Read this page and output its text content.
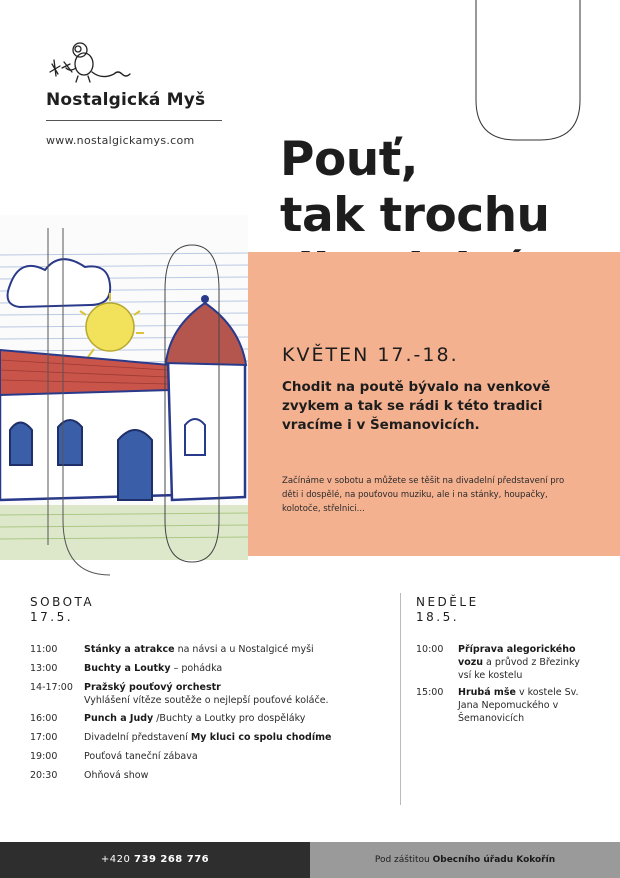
Nostalgická Myš
www.nostalgickamys.com Pouť,
tak trochu
KVĚTEN 17.-18.
Chodit na poutě bývalo na venkově zvykem a tak se rádi k této tradici vracíme i v Šemanovicích.
Začínáme v sobotu a můžete se těšit na divadelní představení pro děti i dospělé, na pouťovou muziku, ale i na stánky, houpačky, kolotoče, střelnici...
SOBOTA
17.5.
11:00	Stánky a atrakce na návsi a u Nostalgicé myši
13:00	Buchty a Loutky – pohádka
14-17:00	Pražský pouťový orchestr
Vyhlášení vítěze soutěže o nejlepší pouťové koláče.
16:00	Punch a Judy /Buchty a Loutky pro dospěláky
17:00	Divadelní představení My kluci co spolu chodíme
19:00	Pouťová taneční zábava
20:30	Ohňová show
NEDĚLE
18.5.
10:00	Příprava alegorického vozu a průvod z Březinky vsí ke kostelu
15:00	Hrubá mše v kostele Sv. Jana Nepomuckého v Šemanovicích
+420 739 268 776	Pod záštitou Obecního úřadu Kokořín
